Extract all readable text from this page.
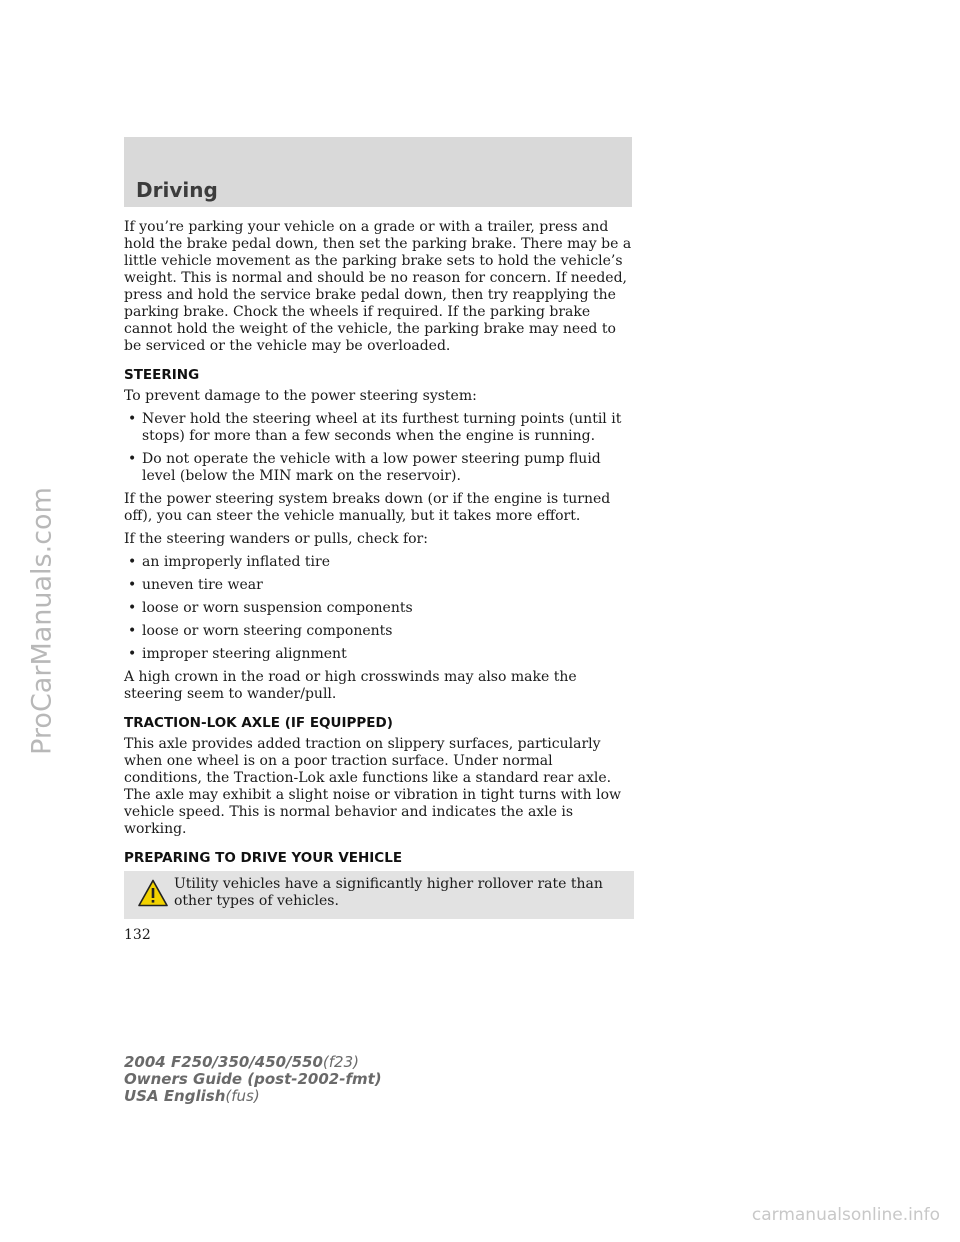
Driving

If you’re parking your vehicle on a grade or with a trailer, press and hold the brake pedal down, then set the parking brake. There may be a little vehicle movement as the parking brake sets to hold the vehicle’s weight. This is normal and should be no reason for concern. If needed, press and hold the service brake pedal down, then try reapplying the parking brake. Chock the wheels if required. If the parking brake cannot hold the weight of the vehicle, the parking brake may need to be serviced or the vehicle may be overloaded.

STEERING

To prevent damage to the power steering system:

• Never hold the steering wheel at its furthest turning points (until it stops) for more than a few seconds when the engine is running.
• Do not operate the vehicle with a low power steering pump fluid level (below the MIN mark on the reservoir).

If the power steering system breaks down (or if the engine is turned off), you can steer the vehicle manually, but it takes more effort.

If the steering wanders or pulls, check for:

• an improperly inflated tire
• uneven tire wear
• loose or worn suspension components
• loose or worn steering components
• improper steering alignment

A high crown in the road or high crosswinds may also make the steering seem to wander/pull.

TRACTION-LOK AXLE (IF EQUIPPED)

This axle provides added traction on slippery surfaces, particularly when one wheel is on a poor traction surface. Under normal conditions, the Traction-Lok axle functions like a standard rear axle. The axle may exhibit a slight noise or vibration in tight turns with low vehicle speed. This is normal behavior and indicates the axle is working.

PREPARING TO DRIVE YOUR VEHICLE
Utility vehicles have a significantly higher rollover rate than other types of vehicles.
132
2004 F250/350/450/550(f23)
Owners Guide (post-2002-fmt)
USA English(fus)
ProCarManuals.com
carmanualsonline.info
